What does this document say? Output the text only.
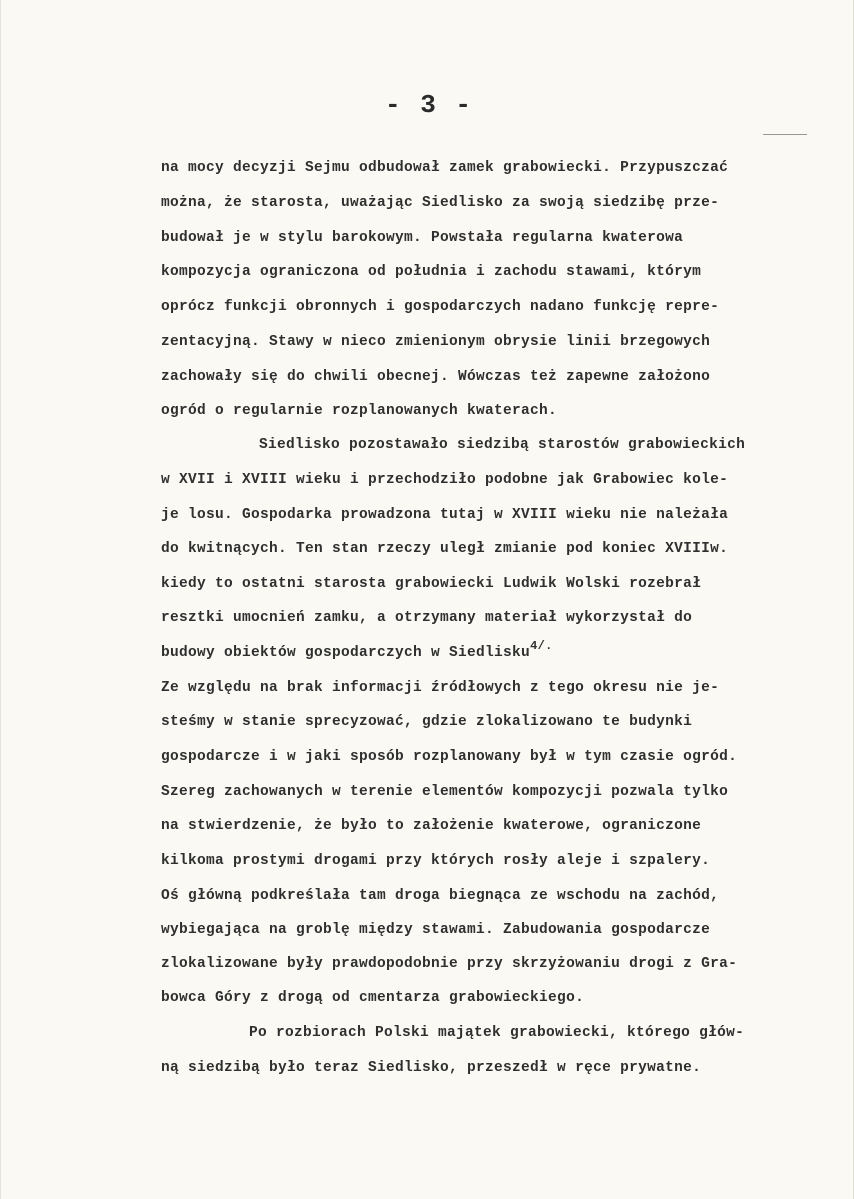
- 3 -
na mocy decyzji Sejmu odbudował zamek grabowiecki. Przypuszczać
można, że starosta, uważając Siedlisko za swoją siedzibę prze-
budował je w stylu barokowym. Powstała regularna kwaterowa
kompozycja ograniczona od południa i zachodu stawami, którym
oprócz funkcji obronnych i gospodarczych nadano funkcję repre-
zentacyjną. Stawy w nieco zmienionym obrysie linii brzegowych
zachowały się do chwili obecnej. Wówczas też zapewne założono
ogród o regularnie rozplanowanych kwaterach.
Siedlisko pozostawało siedzibą starostów grabowieckich
w XVII i XVIII wieku i przechodziło podobne jak Grabowiec kole-
je losu. Gospodarka prowadzona tutaj w XVIII wieku nie należała
do kwitnących. Ten stan rzeczy uległ zmianie pod koniec XVIIIw.
kiedy to ostatni starosta grabowiecki Ludwik Wolski rozebrał
resztki umocnień zamku, a otrzymany materiał wykorzystał do
budowy obiektów gospodarczych w Siedlisku$^{4/.}$
Ze względu na brak informacji źródłowych z tego okresu nie je-
steśmy w stanie sprecyzować, gdzie zlokalizowano te budynki
gospodarcze i w jaki sposób rozplanowany był w tym czasie ogród.
Szereg zachowanych w terenie elementów kompozycji pozwala tylko
na stwierdzenie, że było to założenie kwaterowe, ograniczone
kilkoma prostymi drogami przy których rosły aleje i szpalery.
Oś główną podkreślała tam droga biegnąca ze wschodu na zachód,
wybiegająca na groblę między stawami. Zabudowania gospodarcze
zlokalizowane były prawdopodobnie przy skrzyżowaniu drogi z Gra-
bowca Góry z drogą od cmentarza grabowieckiego.
Po rozbiorach Polski majątek grabowiecki, którego głów-
ną siedzibą było teraz Siedlisko, przeszedł w ręce prywatne.
